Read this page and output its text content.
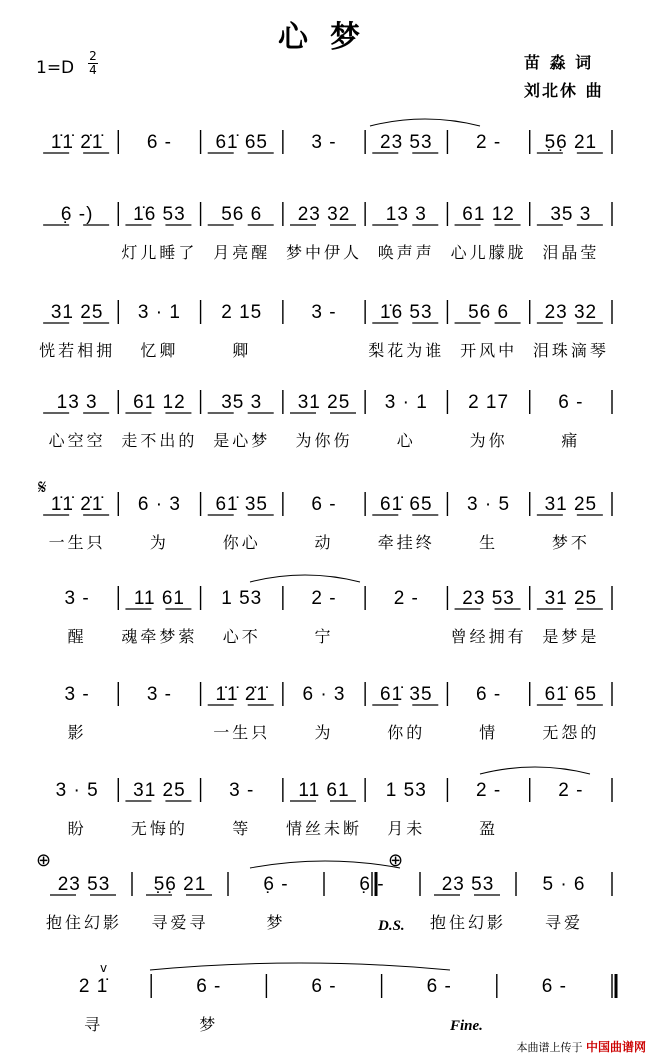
心梦
1=D
2
4	苗 淼 词
刘北休 曲
1̇1̇ 2̇1̇ 6 - 61̇ 65 3 - 23 53 2 - 5̣6̣ 21
6̣ -) 1̇6 53
灯儿睡了
56 6
月亮醒
23 32
梦中伊人
13 3
唤声声
61 12
心儿朦胧
35 3
泪晶莹
31 25
恍若相拥
3 · 1
忆卿
2 15
卿
3 - 1̇6 53
梨花为谁
56 6
开风中
23 32
泪珠滴琴
13 3
心空空
61 12
走不出的
35 3
是心梦
31 25
为你伤
3 · 1
心
2 17
为你
6 -
痛
1̇1̇ 2̇1̇
一生只
6 · 3
为
61̇ 35
你心
6 -
动
61̇ 65
牵挂终
3 · 5
生
31 25
梦不
3 -
醒
11 61
魂牵梦萦
1 53
心不
2 -
宁
2 - 23 53
曾经拥有
31 25
是梦是
3 -
影
3 - 1̇1̇ 2̇1̇
一生只
6 · 3
为
61̇ 35
你的
6 -
情
61̇ 65
无怨的
3 · 5
盼
31 25
无悔的
3 -
等
11 61
情丝未断
1 53
月未
2 -
盈
2 -
23 53
抱住幻影
5̣6̣ 21
寻爱寻
6̣ -
梦
6̣ -	23 53
抱住幻影
5 · 6
寻爱
2 1̇
寻
6 -
梦
6 -	6 -	6 -
𝄋
⊕	⊕
D.S.
Fine.
v
本曲谱上传于 中国曲谱网
